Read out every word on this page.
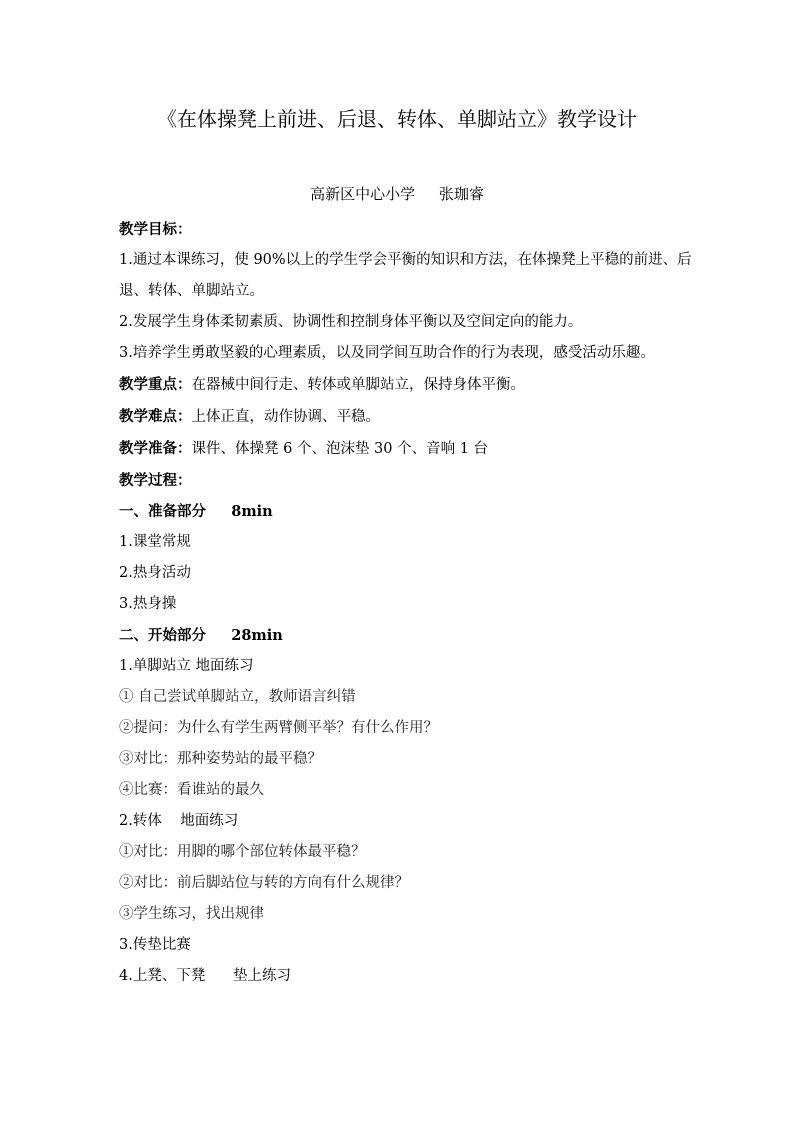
《在体操凳上前进、后退、转体、单脚站立》教学设计
高新区中心小学     张珈睿

教学目标：

1.通过本课练习，使 90%以上的学生学会平衡的知识和方法，在体操凳上平稳的前进、后退、转体、单脚站立。

2.发展学生身体柔韧素质、协调性和控制身体平衡以及空间定向的能力。

3.培养学生勇敢坚毅的心理素质，以及同学间互助合作的行为表现，感受活动乐趣。

教学重点：在器械中间行走、转体或单脚站立，保持身体平衡。

教学难点：上体正直，动作协调、平稳。

教学准备：课件、体操凳 6 个、泡沫垫 30 个、音响 1 台

教学过程：

一、准备部分     8min

1.课堂常规

2.热身活动

3.热身操

二、开始部分     28min

1.单脚站立 地面练习

① 自己尝试单脚站立，教师语言纠错

②提问：为什么有学生两臂侧平举？有什么作用？

③对比：那种姿势站的最平稳？

④比赛：看谁站的最久

2.转体    地面练习

①对比：用脚的哪个部位转体最平稳？

②对比：前后脚站位与转的方向有什么规律？

③学生练习，找出规律

3.传垫比赛

4.上凳、下凳      垫上练习
